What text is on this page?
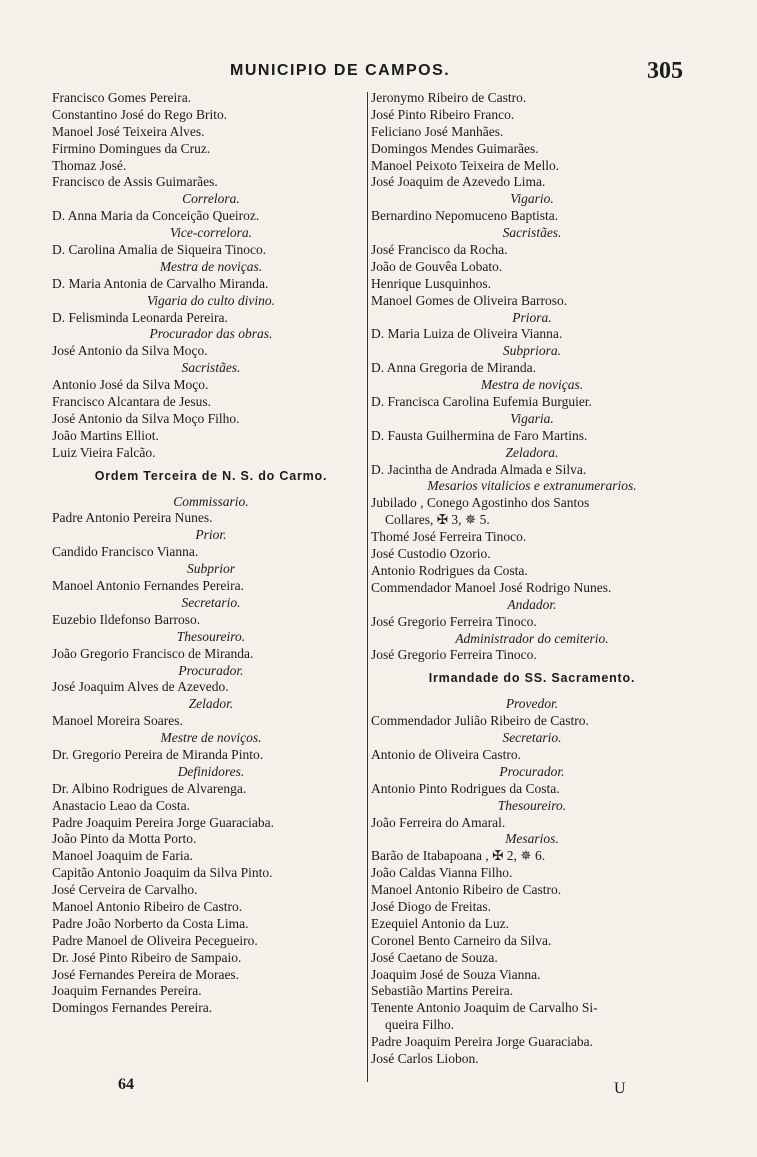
MUNICIPIO DE CAMPOS.	305
Francisco Gomes Pereira.
Constantino José do Rego Brito.
Manoel José Teixeira Alves.
Firmino Domingues da Cruz.
Thomaz José.
Francisco de Assis Guimarães.
Correlora.
D. Anna Maria da Conceição Queiroz.
Vice-correlora.
D. Carolina Amalia de Siqueira Tinoco.
Mestra de noviças.
D. Maria Antonia de Carvalho Miranda.
Vigaria do culto divino.
D. Felisminda Leonarda Pereira.
Procurador das obras.
José Antonio da Silva Moço.
Sacristães.
Antonio José da Silva Moço.
Francisco Alcantara de Jesus.
José Antonio da Silva Moço Filho.
João Martins Elliot.
Luiz Vieira Falcão.
Ordem Terceira de N. S. do Carmo.
Commissario.
Padre Antonio Pereira Nunes.
Prior.
Candido Francisco Vianna.
Subprior
Manoel Antonio Fernandes Pereira.
Secretario.
Euzebio Ildefonso Barroso.
Thesoureiro.
João Gregorio Francisco de Miranda.
Procurador.
José Joaquim Alves de Azevedo.
Zelador.
Manoel Moreira Soares.
Mestre de noviços.
Dr. Gregorio Pereira de Miranda Pinto.
Definidores.
Dr. Albino Rodrigues de Alvarenga.
Anastacio Leao da Costa.
Padre Joaquim Pereira Jorge Guaraciaba.
João Pinto da Motta Porto.
Manoel Joaquim de Faria.
Capitão Antonio Joaquim da Silva Pinto.
José Cerveira de Carvalho.
Manoel Antonio Ribeiro de Castro.
Padre João Norberto da Costa Lima.
Padre Manoel de Oliveira Pecegueiro.
Dr. José Pinto Ribeiro de Sampaio.
José Fernandes Pereira de Moraes.
Joaquim Fernandes Pereira.
Domingos Fernandes Pereira.
Jeronymo Ribeiro de Castro.
José Pinto Ribeiro Franco.
Feliciano José Manhães.
Domingos Mendes Guimarães.
Manoel Peixoto Teixeira de Mello.
José Joaquim de Azevedo Lima.
Vigario.
Bernardino Nepomuceno Baptista.
Sacristães.
José Francisco da Rocha.
João de Gouvêa Lobato.
Henrique Lusquinhos.
Manoel Gomes de Oliveira Barroso.
Priora.
D. Maria Luiza de Oliveira Vianna.
Subpriora.
D. Anna Gregoria de Miranda.
Mestra de noviças.
D. Francisca Carolina Eufemia Burguier.
Vigaria.
D. Fausta Guilhermina de Faro Martins.
Zeladora.
D. Jacintha de Andrada Almada e Silva.
Mesarios vitalicios e extranumerarios.
Jubilado , Conego Agostinho dos Santos
Collares, ✠ 3, ✵ 5.
Thomé José Ferreira Tinoco.
José Custodio Ozorio.
Antonio Rodrigues da Costa.
Commendador Manoel José Rodrigo Nunes.
Andador.
José Gregorio Ferreira Tinoco.
Administrador do cemiterio.
José Gregorio Ferreira Tinoco.
Irmandade do SS. Sacramento.
Provedor.
Commendador Julião Ribeiro de Castro.
Secretario.
Antonio de Oliveira Castro.
Procurador.
Antonio Pinto Rodrigues da Costa.
Thesoureiro.
João Ferreira do Amaral.
Mesarios.
Barão de Itabapoana , ✠ 2, ✵ 6.
João Caldas Vianna Filho.
Manoel Antonio Ribeiro de Castro.
José Diogo de Freitas.
Ezequiel Antonio da Luz.
Coronel Bento Carneiro da Silva.
José Caetano de Souza.
Joaquim José de Souza Vianna.
Sebastião Martins Pereira.
Tenente Antonio Joaquim de Carvalho Si-
queira Filho.
Padre Joaquim Pereira Jorge Guaraciaba.
José Carlos Liobon.
64	U
